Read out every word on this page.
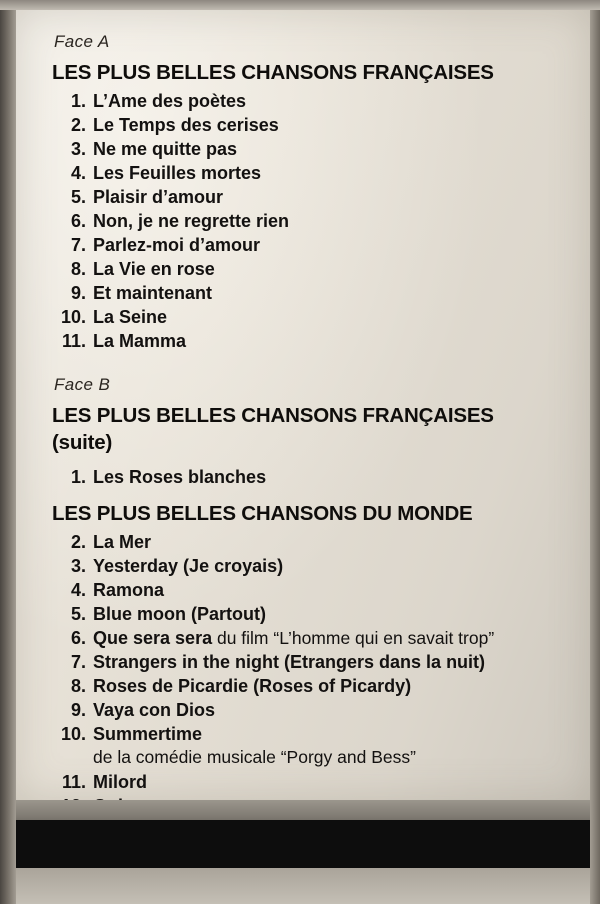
Face A
LES PLUS BELLES CHANSONS FRANÇAISES
1. L’Ame des poètes
2. Le Temps des cerises
3. Ne me quitte pas
4. Les Feuilles mortes
5. Plaisir d’amour
6. Non, je ne regrette rien
7. Parlez-moi d’amour
8. La Vie en rose
9. Et maintenant
10. La Seine
11. La Mamma
Face B
LES PLUS BELLES CHANSONS FRANÇAISES
(suite)
1. Les Roses blanches
LES PLUS BELLES CHANSONS DU MONDE
2. La Mer
3. Yesterday (Je croyais)
4. Ramona
5. Blue moon (Partout)
6. Que sera sera du film “L’homme qui en savait trop”
7. Strangers in the night (Etrangers dans la nuit)
8. Roses de Picardie (Roses of Picardy)
9. Vaya con Dios
10. Summertime
de la comédie musicale “Porgy and Bess”
11. Milord
